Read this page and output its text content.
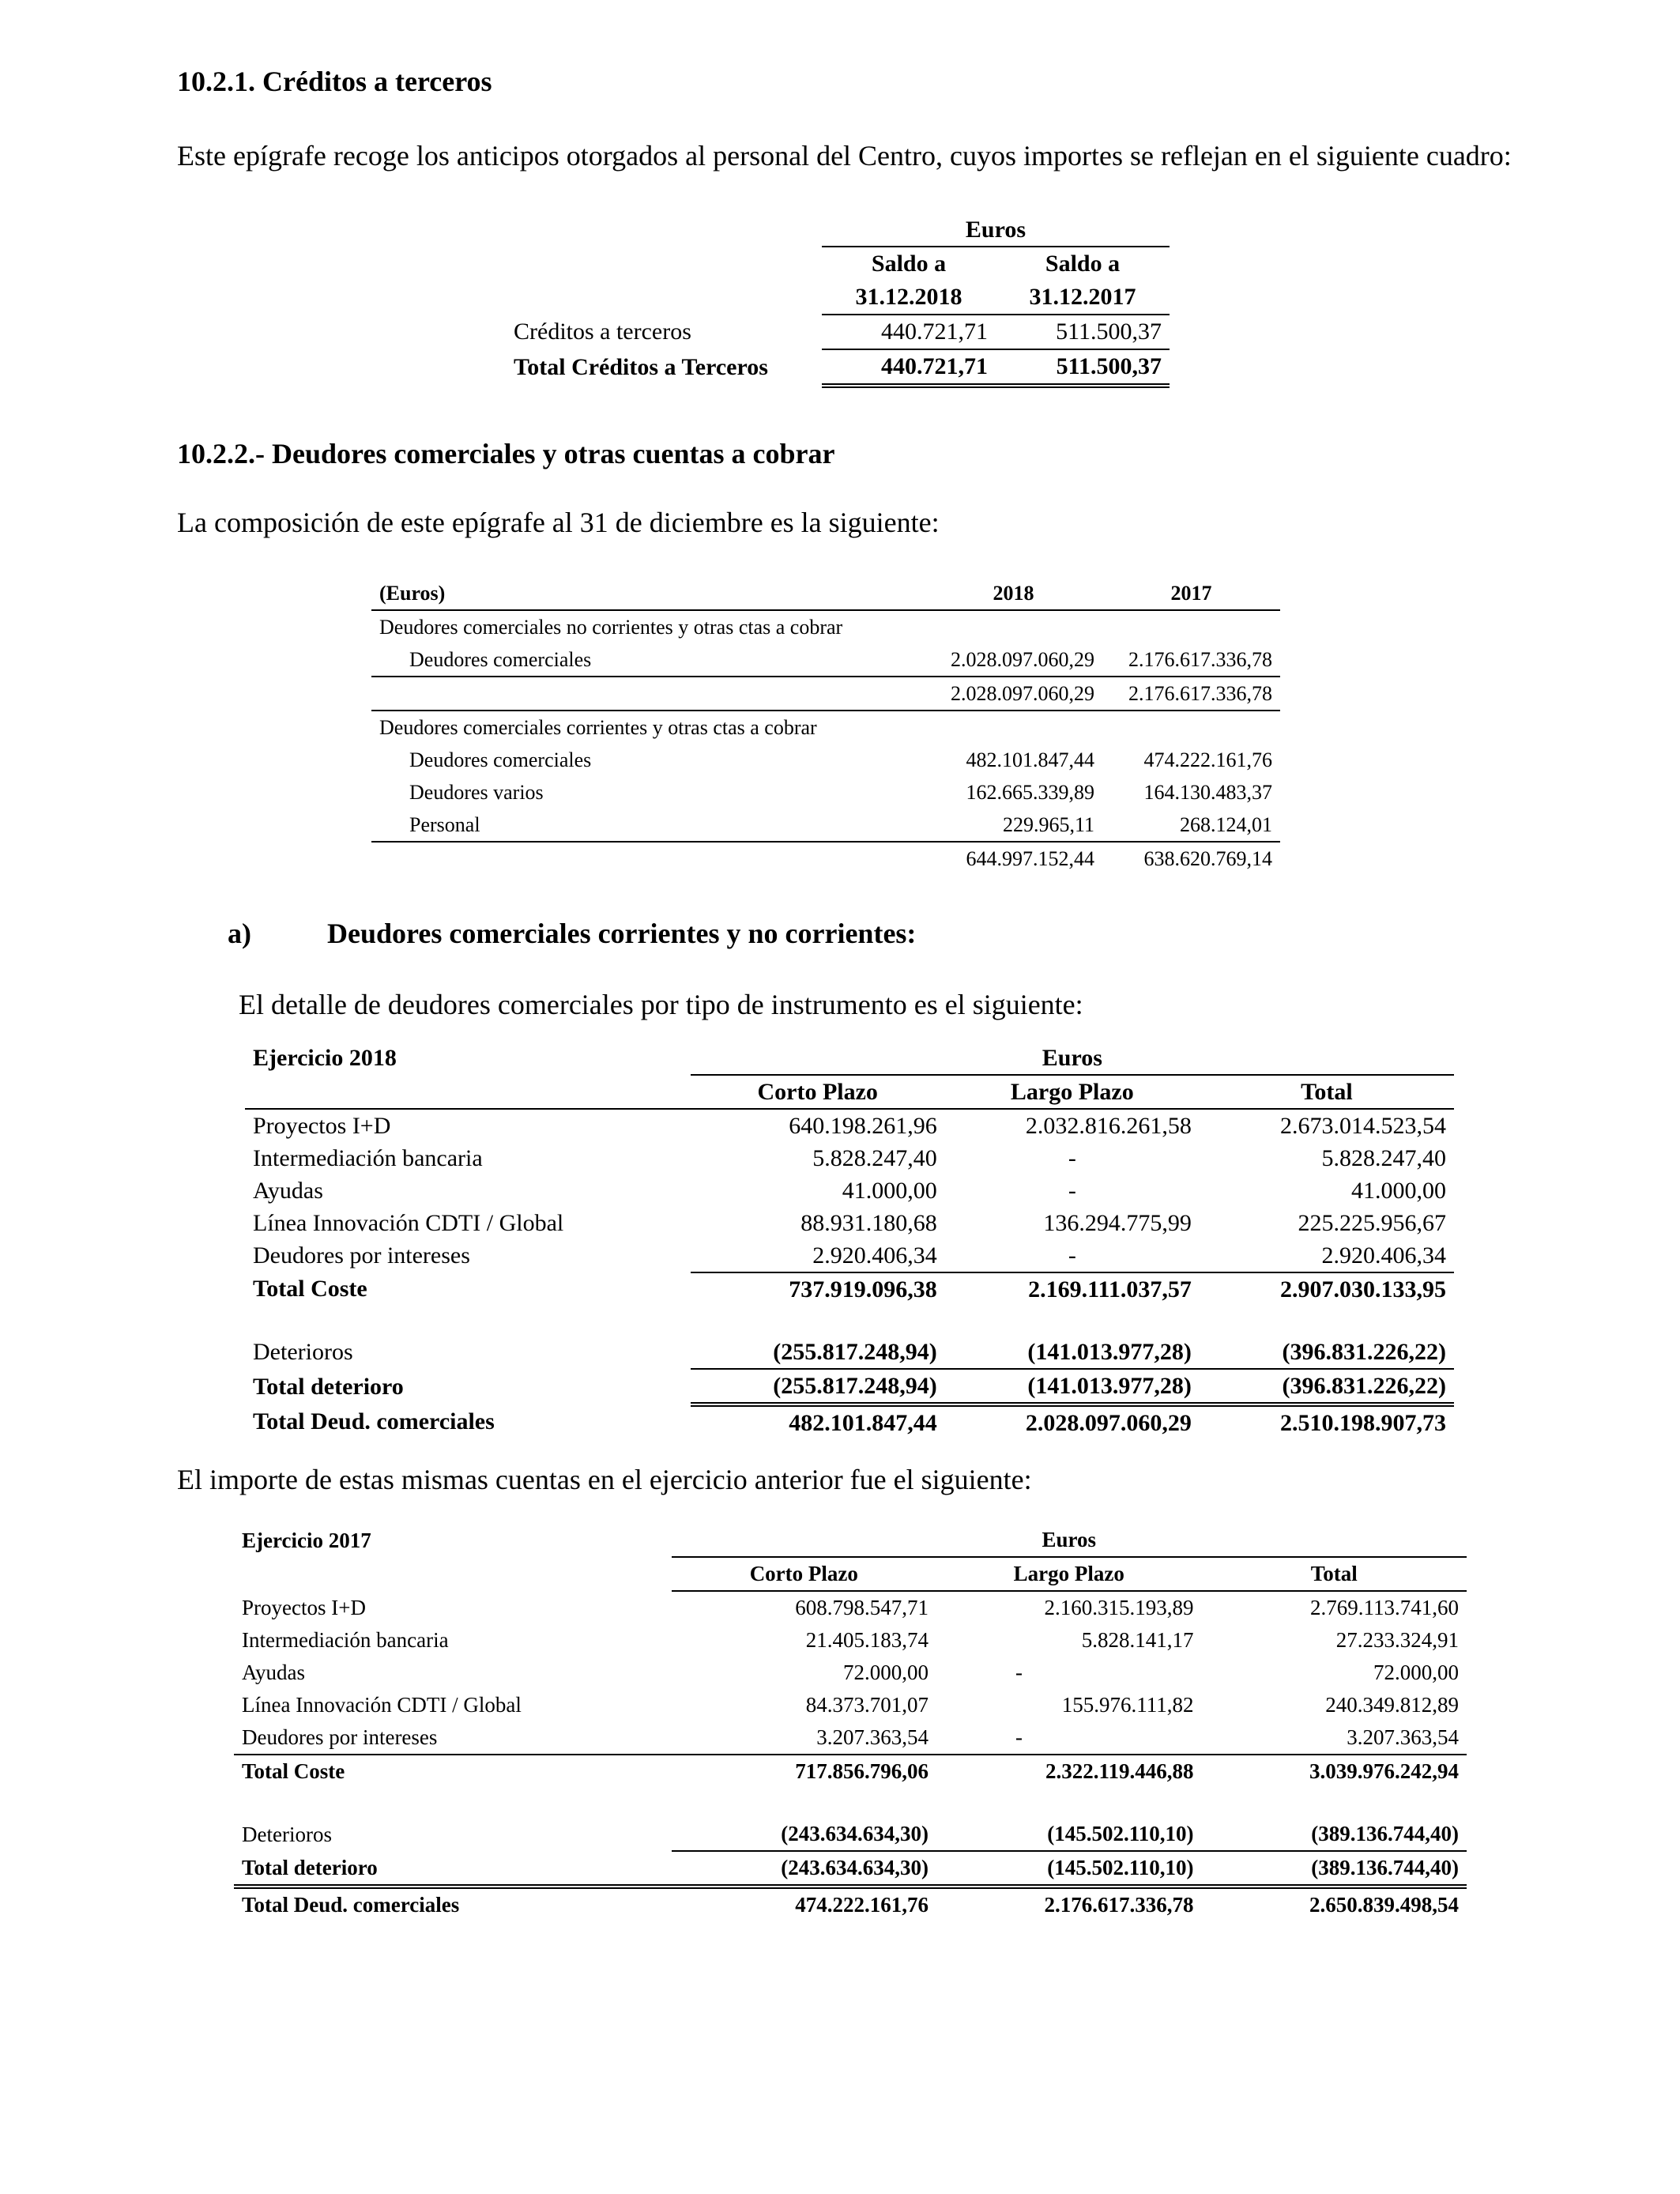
10.2.1. Créditos a terceros
Este epígrafe recoge los anticipos otorgados al personal del Centro, cuyos importes se reflejan en el siguiente cuadro:
	Euros	
	Saldo a	Saldo a
	31.12.2018	31.12.2017
Créditos a terceros	440.721,71	511.500,37
Total Créditos a Terceros	440.721,71	511.500,37
10.2.2.- Deudores comerciales y otras cuentas a cobrar
La composición de este epígrafe al 31 de diciembre es la siguiente:
(Euros)	2018	2017
Deudores comerciales no corrientes y otras ctas a cobrar		
Deudores comerciales	2.028.097.060,29	2.176.617.336,78
	2.028.097.060,29	2.176.617.336,78
Deudores comerciales corrientes y otras ctas a cobrar		
Deudores comerciales	482.101.847,44	474.222.161,76
Deudores varios	162.665.339,89	164.130.483,37
Personal	229.965,11	268.124,01
	644.997.152,44	638.620.769,14
a)	Deudores comerciales corrientes y no corrientes:
El detalle de deudores comerciales por tipo de instrumento es el siguiente:
Ejercicio 2018	Euros		
	Corto Plazo	Largo Plazo	Total
Proyectos I+D	640.198.261,96	2.032.816.261,58	2.673.014.523,54
Intermediación bancaria	5.828.247,40	-	5.828.247,40
Ayudas	41.000,00	-	41.000,00
Línea Innovación CDTI / Global	88.931.180,68	136.294.775,99	225.225.956,67
Deudores por intereses	2.920.406,34	-	2.920.406,34
Total Coste	737.919.096,38	2.169.111.037,57	2.907.030.133,95

Deterioros	(255.817.248,94)	(141.013.977,28)	(396.831.226,22)
Total deterioro	(255.817.248,94)	(141.013.977,28)	(396.831.226,22)
Total Deud. comerciales	482.101.847,44	2.028.097.060,29	2.510.198.907,73
El importe de estas mismas cuentas en el ejercicio anterior fue el siguiente:
Ejercicio 2017	Euros		
	Corto Plazo	Largo Plazo	Total
Proyectos I+D	608.798.547,71	2.160.315.193,89	2.769.113.741,60
Intermediación bancaria	21.405.183,74	5.828.141,17	27.233.324,91
Ayudas	72.000,00	-	72.000,00
Línea Innovación CDTI / Global	84.373.701,07	155.976.111,82	240.349.812,89
Deudores por intereses	3.207.363,54	-	3.207.363,54
Total Coste	717.856.796,06	2.322.119.446,88	3.039.976.242,94

Deterioros	(243.634.634,30)	(145.502.110,10)	(389.136.744,40)
Total deterioro	(243.634.634,30)	(145.502.110,10)	(389.136.744,40)
Total Deud. comerciales	474.222.161,76	2.176.617.336,78	2.650.839.498,54
